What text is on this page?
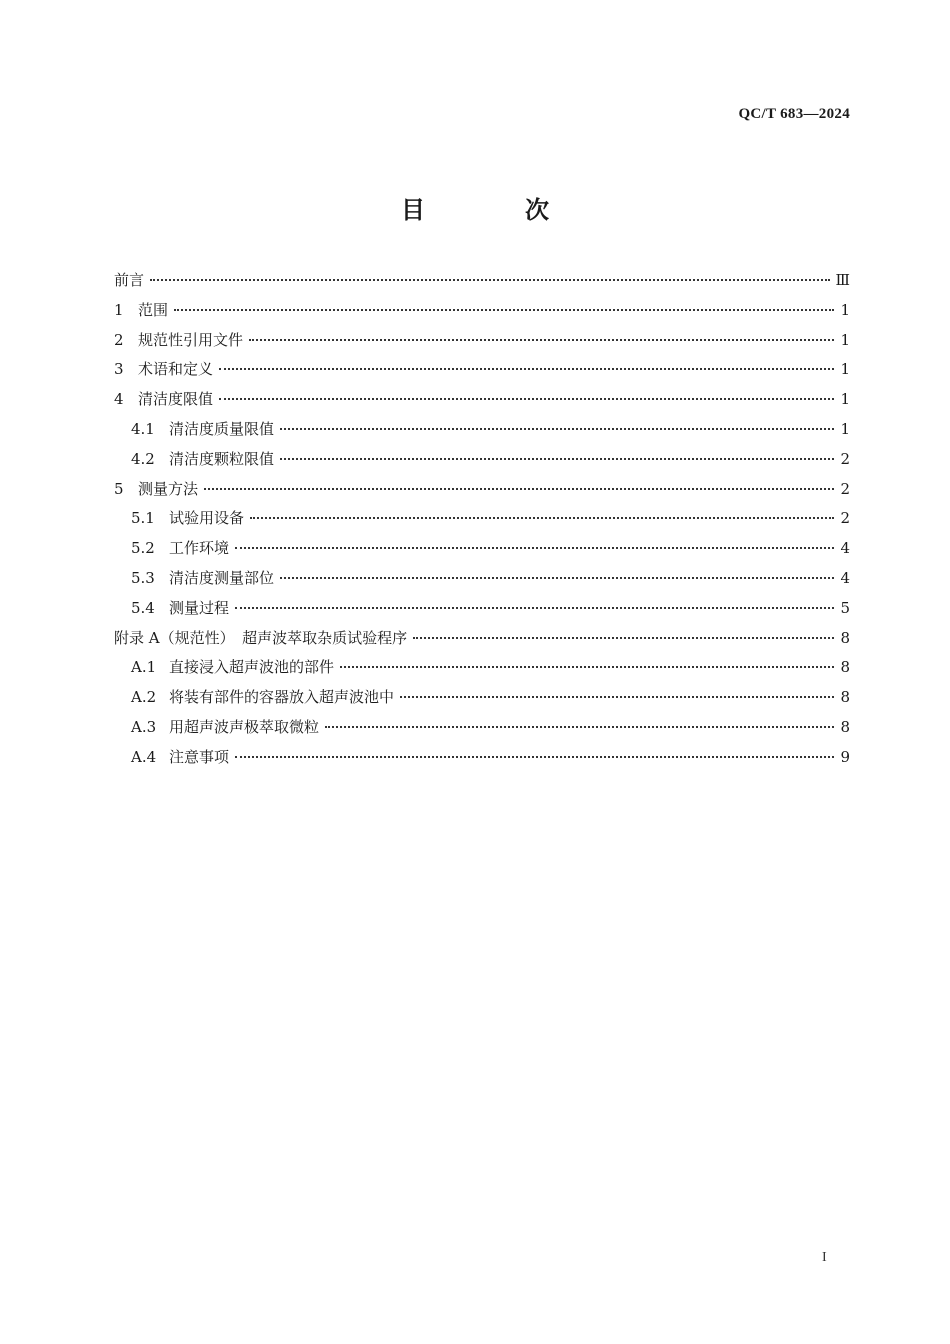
QC/T 683—2024
目　次
前言	Ⅲ
1 范围	1
2 规范性引用文件	1
3 术语和定义	1
4 清洁度限值	1
4.1 清洁度质量限值	1
4.2 清洁度颗粒限值	2
5 测量方法	2
5.1 试验用设备	2
5.2 工作环境	4
5.3 清洁度测量部位	4
5.4 测量过程	5
附录 A（规范性）　超声波萃取杂质试验程序	8
A.1 直接浸入超声波池的部件	8
A.2 将装有部件的容器放入超声波池中	8
A.3 用超声波声极萃取微粒	8
A.4 注意事项	9
I
